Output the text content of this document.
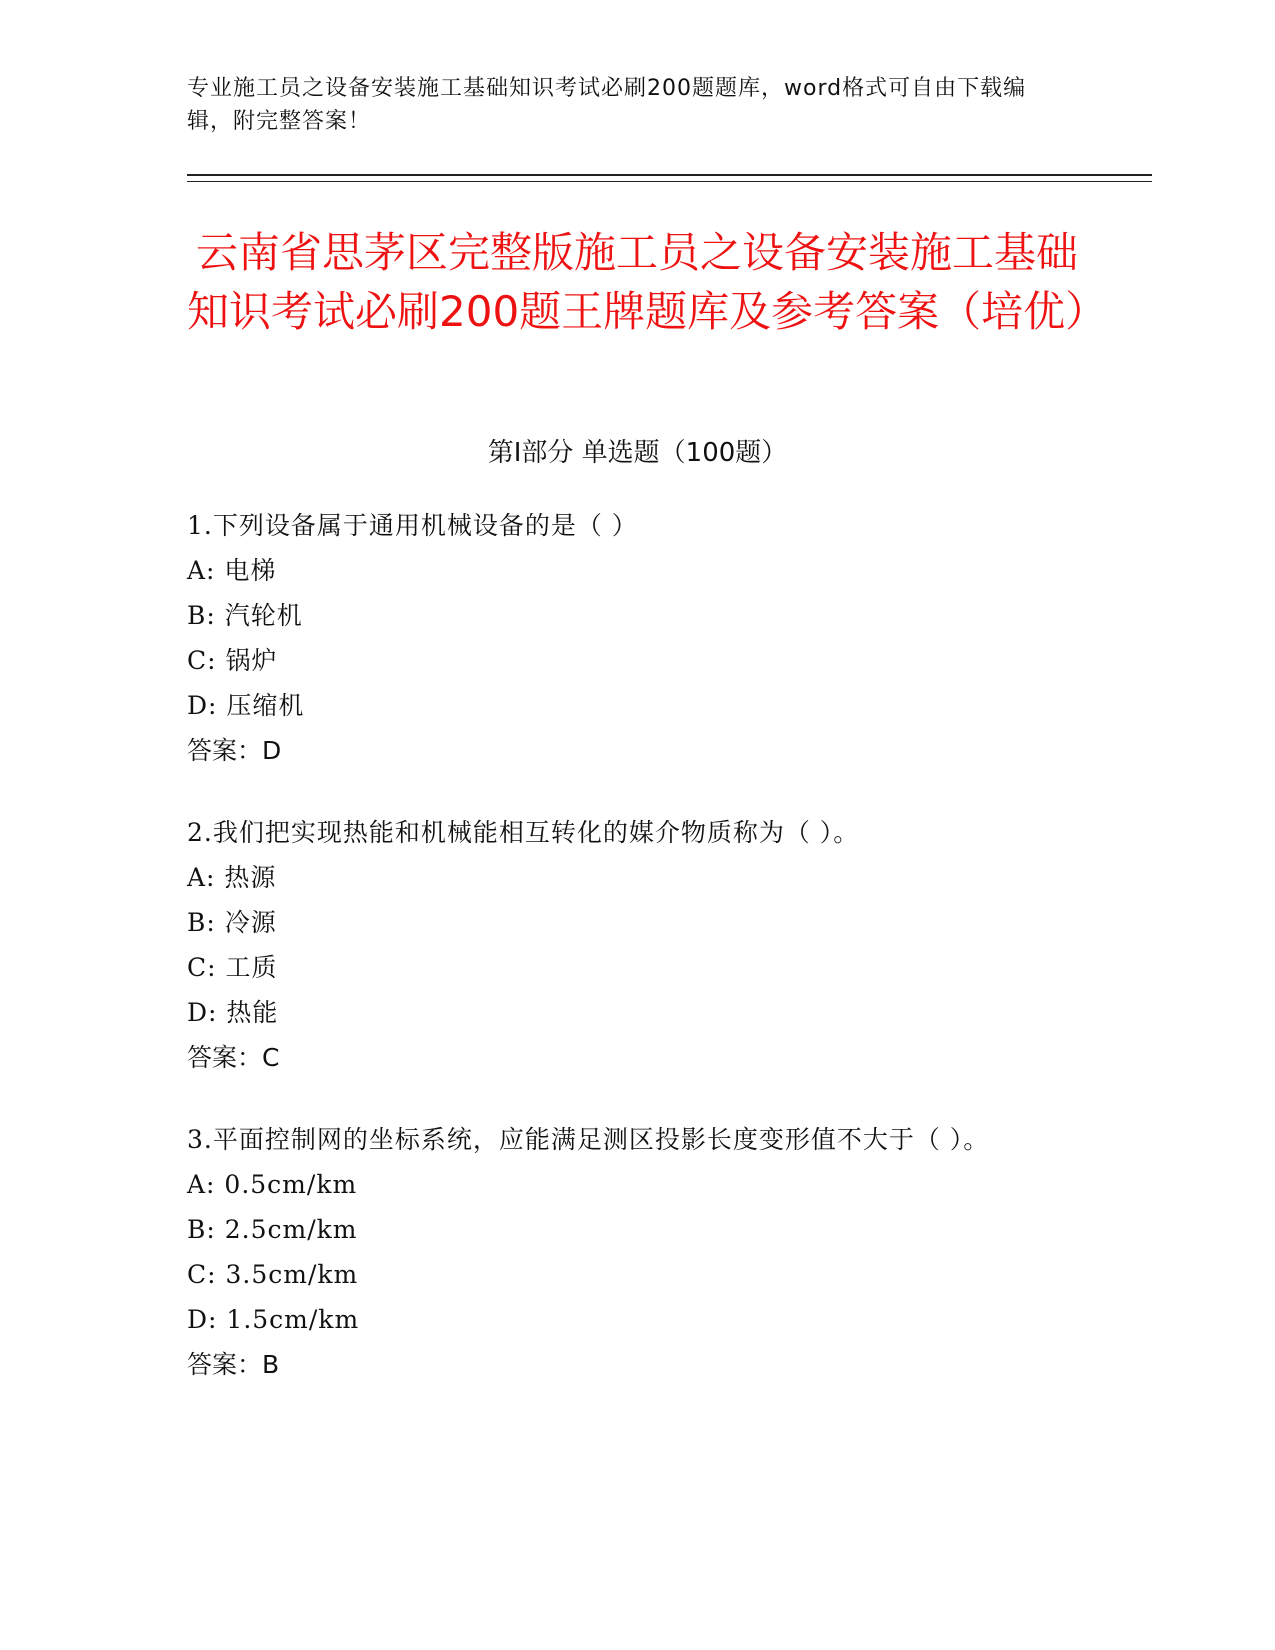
专业施工员之设备安装施工基础知识考试必刷200题题库，word格式可自由下载编辑，附完整答案！
云南省思茅区完整版施工员之设备安装施工基础知识考试必刷200题王牌题库及参考答案（培优）
第Ⅰ部分 单选题（100题）
1.下列设备属于通用机械设备的是（ ）
A: 电梯
B: 汽轮机
C: 锅炉
D: 压缩机
答案：D
2.我们把实现热能和机械能相互转化的媒介物质称为（ ）。
A: 热源
B: 冷源
C: 工质
D: 热能
答案：C
3.平面控制网的坐标系统，应能满足测区投影长度变形值不大于（ ）。
A: 0.5cm/km
B: 2.5cm/km
C: 3.5cm/km
D: 1.5cm/km
答案：B
